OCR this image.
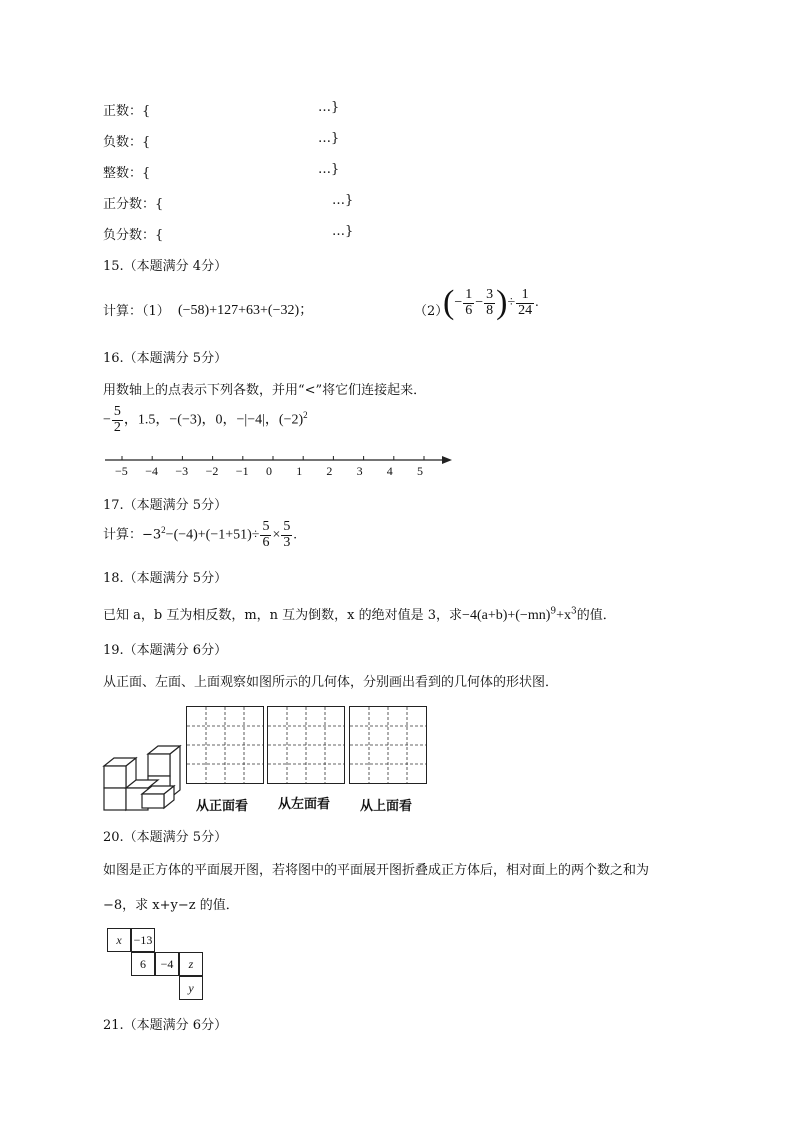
正数：{	…}
负数：{	…}
整数：{	…}
正分数：{	…}
负分数：{	…}
15.（本题满分 4分）
计算：（1） (−58)+127+63+(−32)；	（2）
(− $\frac{1}{6} - \frac{3}{8}$ )÷ $\frac{1}{24}$ .
16.（本题满分 5分）
用数轴上的点表示下列各数，并用“<”将它们连接起来．
− $\frac{5}{2}$ ，1.5，−(−3)，0，−|−4|，$(-2)^2$
−5 −4 −3 −2 −1 0 1 2 3 4 5
17.（本题满分 5分）
计算：$-3^2-(-4)+(-1+51)\div \frac{5}{6} \times \frac{5}{3}$ .
18.（本题满分 5分）
已知 a，b 互为相反数，m，n 互为倒数，x 的绝对值是 3，求$-4(a+b)+(-mn)^9+x^3$的值．
19.（本题满分 6分）
从正面、左面、上面观察如图所示的几何体，分别画出看到的几何体的形状图．
从正面看 从左面看 从上面看
20.（本题满分 5分）
如图是正方体的平面展开图，若将图中的平面展开图折叠成正方体后，相对面上的两个数之和为
−8，求 x+y−z 的值．
x −13
6	−4	z
y
21.（本题满分 6分）
